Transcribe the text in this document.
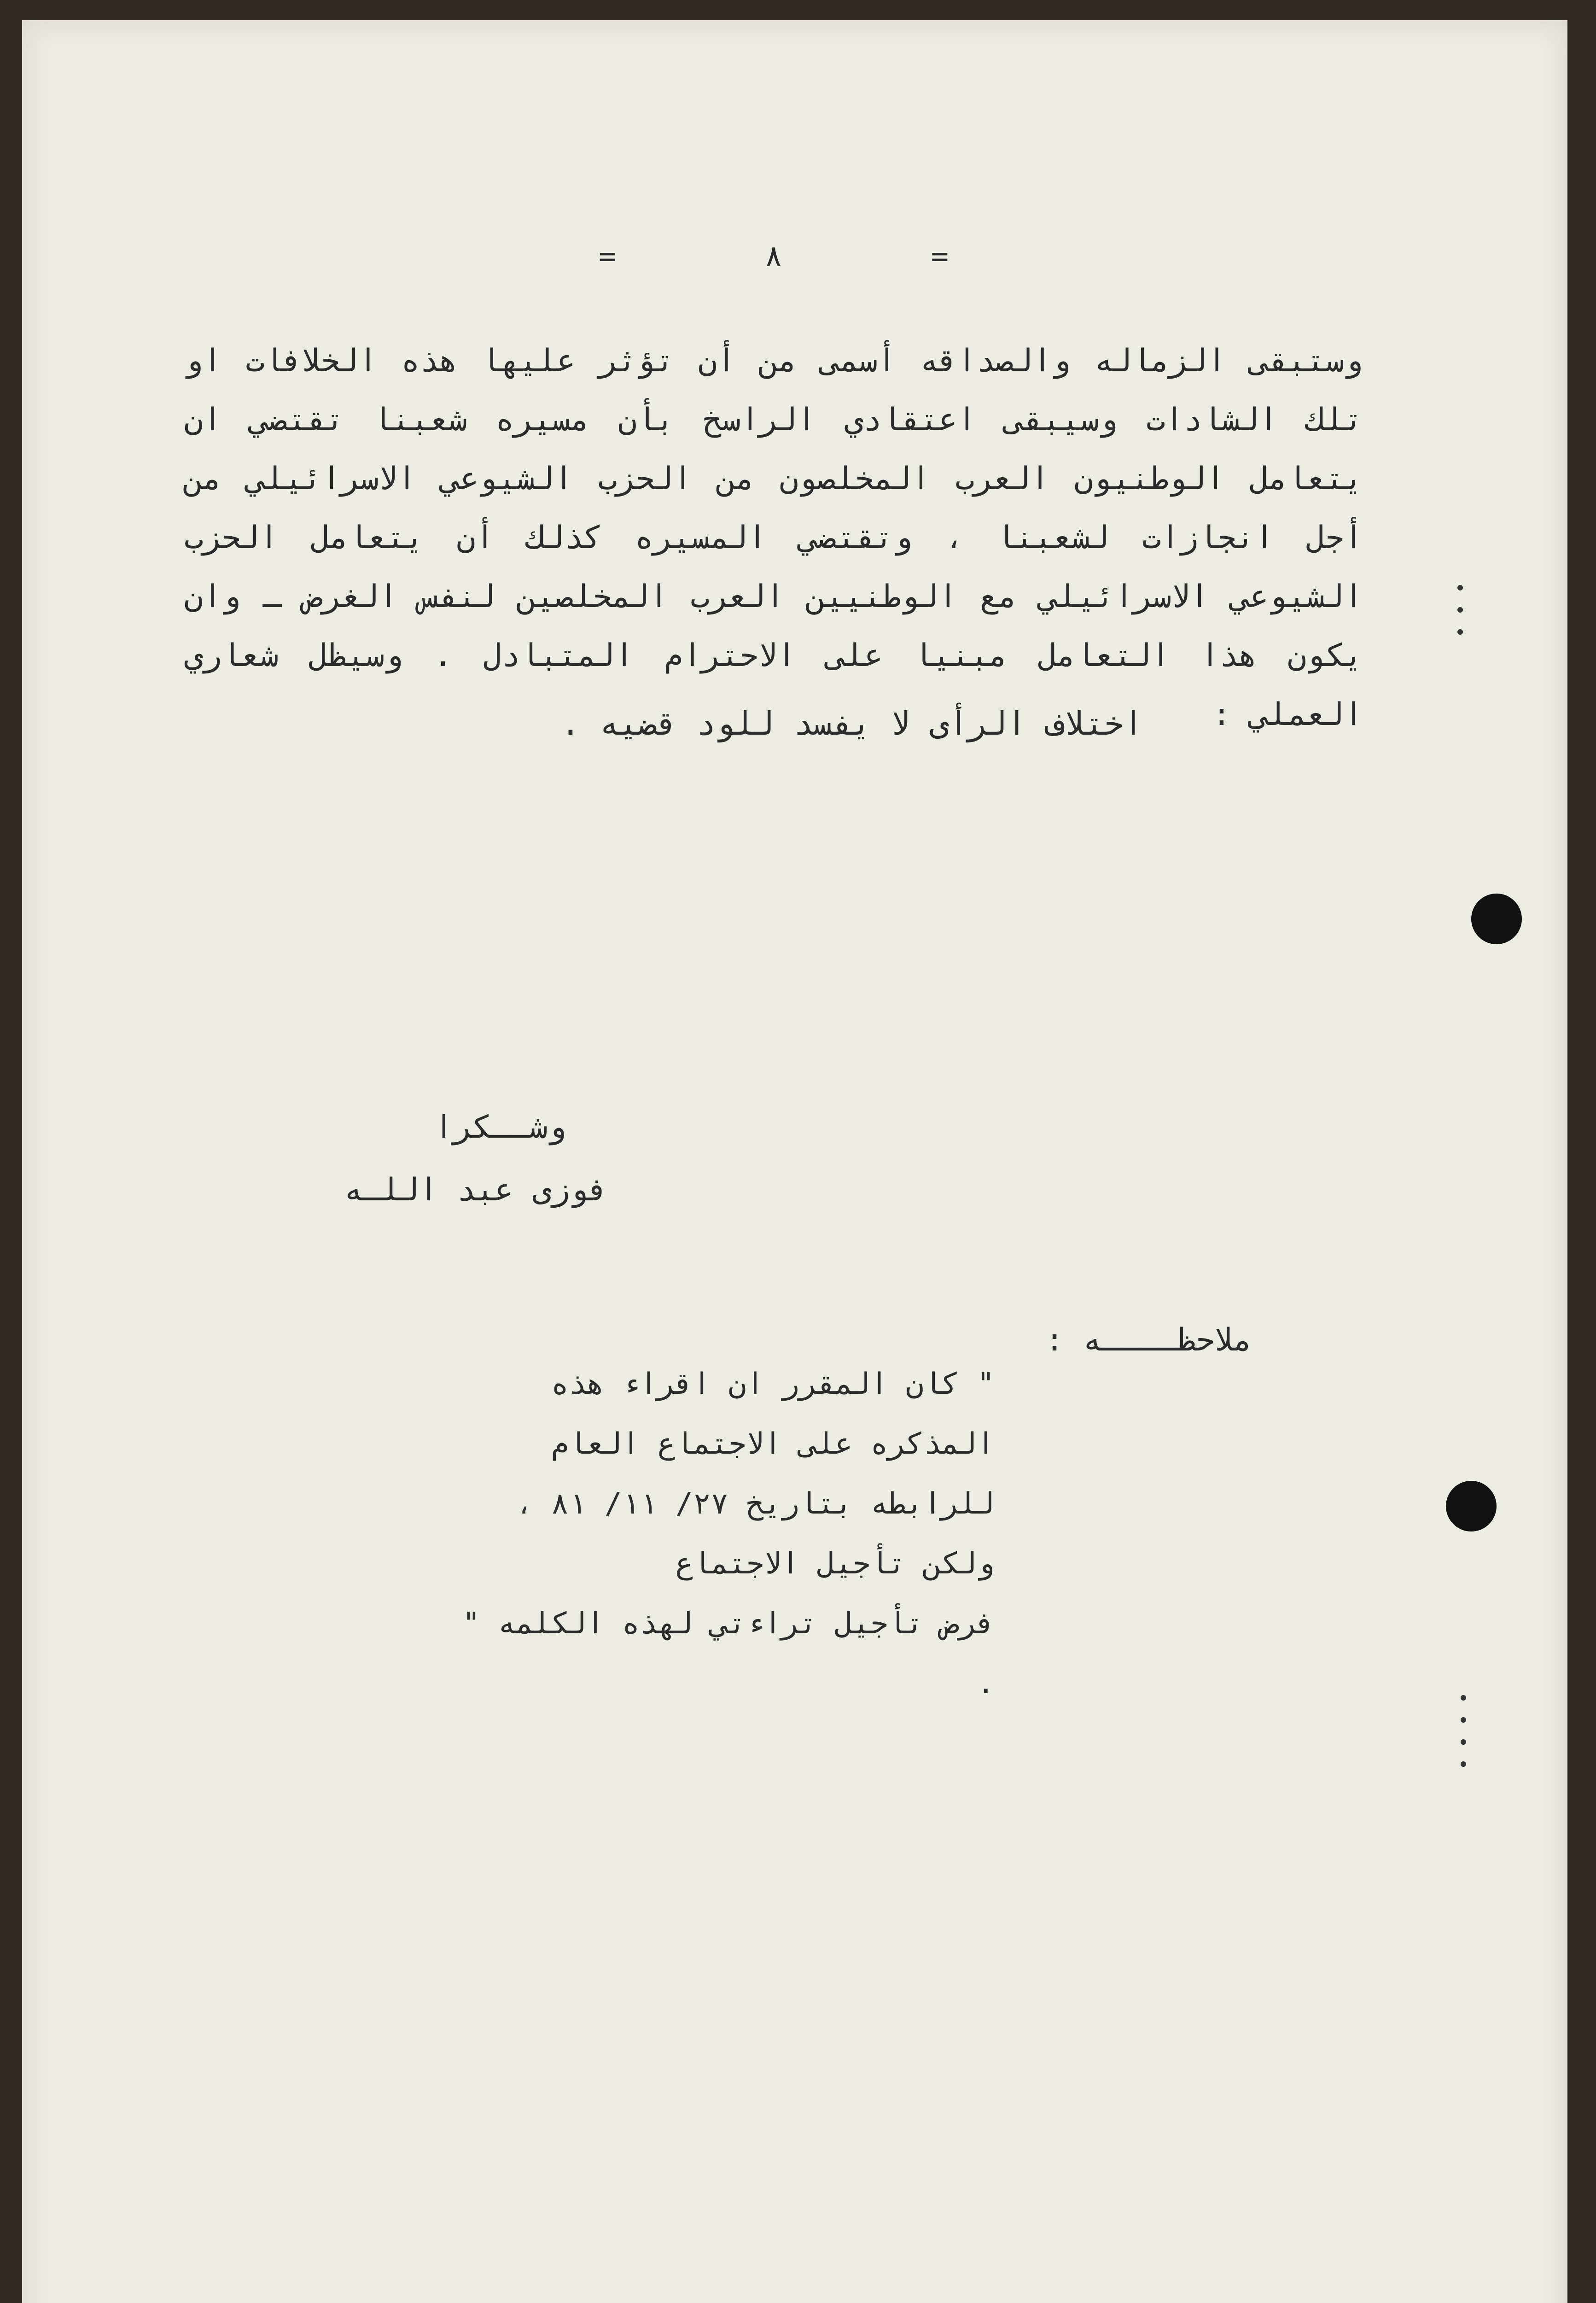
=	٨	=

وستبقى الزماله والصداقه أسمى من أن تؤثر عليها هذه الخلافات او تلك الشادات وسيبقى اعتقادي الراسخ بأن مسيره شعبنا تقتضي ان يتعامل الوطنيون العرب المخلصون من الحزب الشيوعي الاسرائيلي من أجل انجازات لشعبنا ، وتقتضي المسيره كذلك أن يتعامل الحزب الشيوعي الاسرائيلي مع الوطنيين العرب المخلصين لنفس الغرض ـ وان يكون هذا التعامل مبنيا على الاحترام المتبادل . وسيظل شعاري العملي :

اختلاف الرأى لا يفسد للود قضيه .
وشــكرا
فوزى عبد اللـه
ملاحظــــه :

" كان المقرر ان اقراء هذه المذكره على الاجتماع العام

للرابطه بتاريخ ٢٧/ ١١/ ٨١ ، ولكن تأجيل الاجتماع

فرض تأجيل تراءتي لهذه الكلمه " .
